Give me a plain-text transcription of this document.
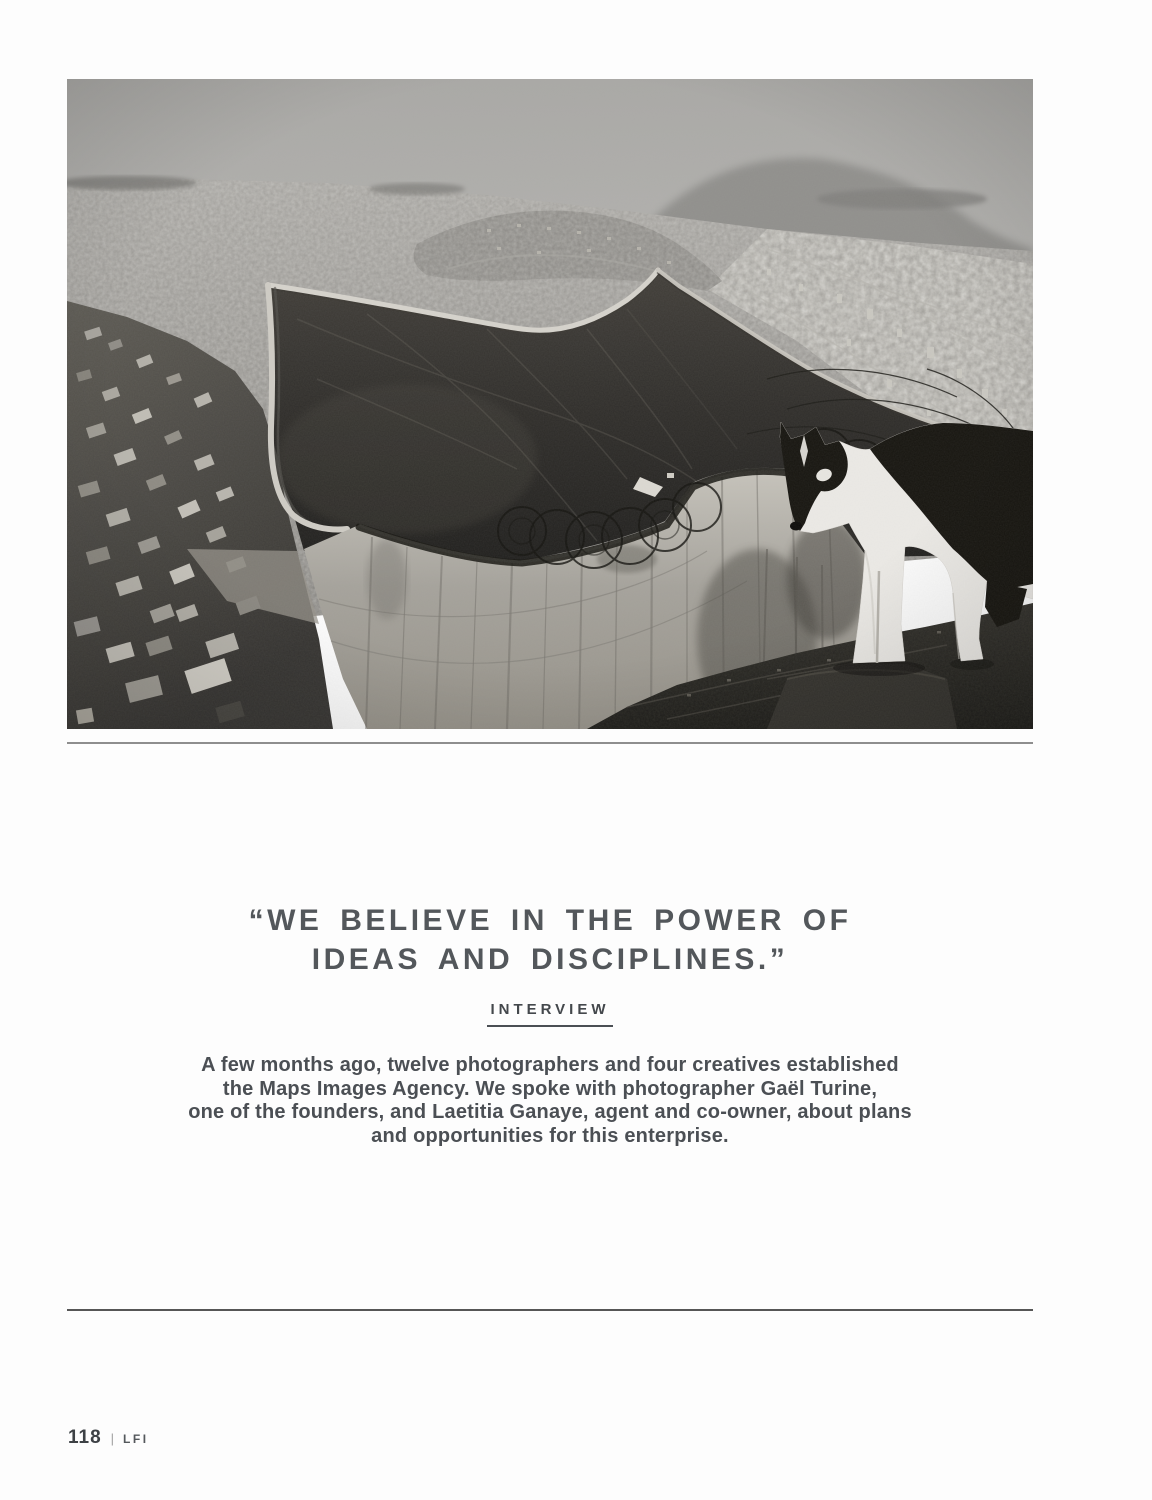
“WE BELIEVE IN THE POWER OF
IDEAS AND DISCIPLINES.”
INTERVIEW

A few months ago, twelve photographers and four creatives established
the Maps Images Agency. We spoke with photographer Gaël Turine,
one of the founders, and Laetitia Ganaye, agent and co-owner, about plans
and opportunities for this enterprise.

118 | LFI
